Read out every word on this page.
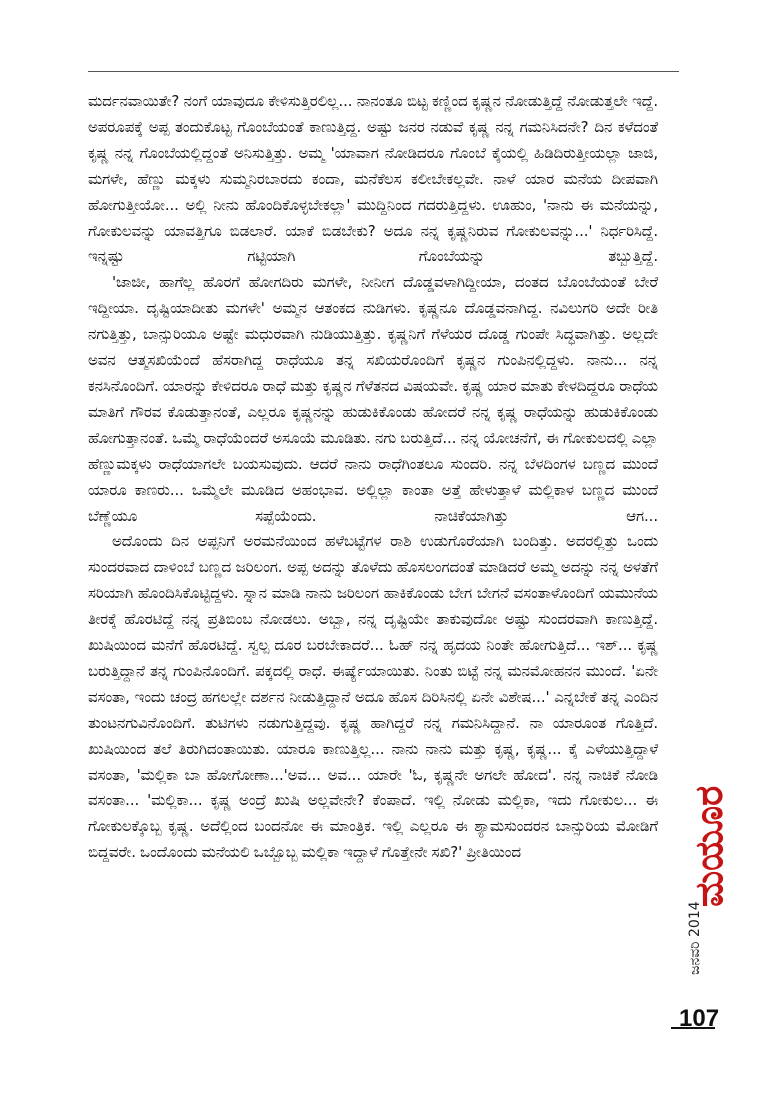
ಮರ್ದನವಾಯಿತೇ? ನಂಗೆ ಯಾವುದೂ ಕೇಳಿಸುತ್ತಿರಲಿಲ್ಲ... ನಾನಂತೂ ಬಿಟ್ಟ ಕಣ್ಣಿಂದ ಕೃಷ್ಣನ ನೋಡುತ್ತಿದ್ದೆ ನೋಡುತ್ತಲೇ ಇದ್ದೆ. ಅಪರೂಪಕ್ಕೆ ಅಪ್ಪ ತಂದುಕೊಟ್ಟ ಗೊಂಬೆಯಂತೆ ಕಾಣುತ್ತಿದ್ದ. ಅಷ್ಟು ಜನರ ನಡುವೆ ಕೃಷ್ಣ ನನ್ನ ಗಮನಿಸಿದನೇ? ದಿನ ಕಳೆದಂತೆ ಕೃಷ್ಣ ನನ್ನ ಗೊಂಬೆಯಲ್ಲಿದ್ದಂತೆ ಅನಿಸುತ್ತಿತ್ತು. ಅಮ್ಮ 'ಯಾವಾಗ ನೋಡಿದರೂ ಗೊಂಬೆ ಕೈಯಲ್ಲಿ ಹಿಡಿದಿರುತ್ತೀಯಲ್ಲಾ ಜಾಜಿ, ಮಗಳೇ, ಹೆಣ್ಣು ಮಕ್ಕಳು ಸುಮ್ಮನಿರಬಾರದು ಕಂದಾ, ಮನೆಕೆಲಸ ಕಲೀಬೇಕಲ್ಲವೇ. ನಾಳೆ ಯಾರ ಮನೆಯ ದೀಪವಾಗಿ ಹೋಗುತ್ತೀಯೋ... ಅಲ್ಲಿ ನೀನು ಹೊಂದಿಕೊಳ್ಳಬೇಕಲ್ಲಾ' ಮುದ್ದಿನಿಂದ ಗದರುತ್ತಿದ್ದಳು. ಊಹುಂ, 'ನಾನು ಈ ಮನೆಯನ್ನು, ಗೋಕುಲವನ್ನು ಯಾವತ್ತಿಗೂ ಬಿಡಲಾರೆ. ಯಾಕೆ ಬಿಡಬೇಕು? ಅದೂ ನನ್ನ ಕೃಷ್ಣನಿರುವ ಗೋಕುಲವನ್ನು...' ನಿರ್ಧರಿಸಿದ್ದೆ. ಇನ್ನಷ್ಟು ಗಟ್ಟಿಯಾಗಿ ಗೊಂಬೆಯನ್ನು ತಬ್ಬುತ್ತಿದ್ದೆ.

'ಜಾಜೀ, ಹಾಗೆಲ್ಲ ಹೊರಗೆ ಹೋಗದಿರು ಮಗಳೇ, ನೀನೀಗ ದೊಡ್ಡವಳಾಗಿದ್ದೀಯಾ, ದಂತದ ಬೊಂಬೆಯಂತೆ ಬೇರೆ ಇದ್ದೀಯಾ. ದೃಷ್ಟಿಯಾದೀತು ಮಗಳೇ' ಅಮ್ಮನ ಆತಂಕದ ನುಡಿಗಳು. ಕೃಷ್ಣನೂ ದೊಡ್ಡವನಾಗಿದ್ದ. ನವಿಲುಗರಿ ಅದೇ ರೀತಿ ನಗುತ್ತಿತ್ತು, ಬಾನ್ಸುರಿಯೂ ಅಷ್ಟೇ ಮಧುರವಾಗಿ ನುಡಿಯುತ್ತಿತ್ತು. ಕೃಷ್ಣನಿಗೆ ಗೆಳೆಯರ ದೊಡ್ಡ ಗುಂಪೇ ಸಿದ್ಧವಾಗಿತ್ತು. ಅಲ್ಲದೇ ಅವನ ಆತ್ಮಸಖಿಯೆಂದೆ ಹೆಸರಾಗಿದ್ದ ರಾಧೆಯೂ ತನ್ನ ಸಖಿಯರೊಂದಿಗೆ ಕೃಷ್ಣನ ಗುಂಪಿನಲ್ಲಿದ್ದಳು. ನಾನು... ನನ್ನ ಕನಸಿನೊಂದಿಗೆ. ಯಾರನ್ನು ಕೇಳಿದರೂ ರಾಧೆ ಮತ್ತು ಕೃಷ್ಣನ ಗೆಳೆತನದ ವಿಷಯವೇ. ಕೃಷ್ಣ ಯಾರ ಮಾತು ಕೇಳದಿದ್ದರೂ ರಾಧೆಯ ಮಾತಿಗೆ ಗೌರವ ಕೊಡುತ್ತಾನಂತೆ, ಎಲ್ಲರೂ ಕೃಷ್ಣನನ್ನು ಹುಡುಕಿಕೊಂಡು ಹೋದರೆ ನನ್ನ ಕೃಷ್ಣ ರಾಧೆಯನ್ನು ಹುಡುಕಿಕೊಂಡು ಹೋಗುತ್ತಾನಂತೆ. ಒಮ್ಮೆ ರಾಧೆಯೆಂದರೆ ಅಸೂಯೆ ಮೂಡಿತು. ನಗು ಬರುತ್ತಿದೆ... ನನ್ನ ಯೋಚನೆಗೆ, ಈ ಗೋಕುಲದಲ್ಲಿ ಎಲ್ಲಾ ಹೆಣ್ಣುಮಕ್ಕಳು ರಾಧೆಯಾಗಲೇ ಬಯಸುವುದು. ಆದರೆ ನಾನು ರಾಧೆಗಿಂತಲೂ ಸುಂದರಿ. ನನ್ನ ಬೆಳದಿಂಗಳ ಬಣ್ಣದ ಮುಂದೆ ಯಾರೂ ಕಾಣರು... ಒಮ್ಮೆಲೇ ಮೂಡಿದ ಅಹಂಭಾವ. ಅಲ್ಲಿಲ್ಲಾ ಕಾಂತಾ ಅತ್ತೆ ಹೇಳುತ್ತಾಳೆ ಮಲ್ಲಿಕಾಳ ಬಣ್ಣದ ಮುಂದೆ ಬೆಣ್ಣೆಯೂ ಸಪ್ಪೆಯೆಂದು. ನಾಚಿಕೆಯಾಗಿತ್ತು ಆಗ...

ಅದೊಂದು ದಿನ ಅಪ್ಪನಿಗೆ ಅರಮನೆಯಿಂದ ಹಳೆಬಟ್ಟೆಗಳ ರಾಶಿ ಉಡುಗೊರೆಯಾಗಿ ಬಂದಿತ್ತು. ಅದರಲ್ಲಿತ್ತು ಒಂದು ಸುಂದರವಾದ ದಾಳಿಂಬೆ ಬಣ್ಣದ ಜರಿಲಂಗ. ಅಪ್ಪ ಅದನ್ನು ತೊಳೆದು ಹೊಸಲಂಗದಂತೆ ಮಾಡಿದರೆ ಅಮ್ಮ ಅದನ್ನು ನನ್ನ ಅಳತೆಗೆ ಸರಿಯಾಗಿ ಹೊಂದಿಸಿಕೊಟ್ಟಿದ್ದಳು. ಸ್ನಾನ ಮಾಡಿ ನಾನು ಜರಿಲಂಗ ಹಾಕಿಕೊಂಡು ಬೇಗ ಬೇಗನೆ ವಸಂತಾಳೊಂದಿಗೆ ಯಮುನೆಯ ತೀರಕ್ಕೆ ಹೊರಟಿದ್ದೆ ನನ್ನ ಪ್ರತಿಬಿಂಬ ನೋಡಲು. ಅಬ್ಬಾ, ನನ್ನ ದೃಷ್ಟಿಯೇ ತಾಕುವುದೋ ಅಷ್ಟು ಸುಂದರವಾಗಿ ಕಾಣುತ್ತಿದ್ದೆ. ಖುಷಿಯಿಂದ ಮನೆಗೆ ಹೊರಟಿದ್ದೆ. ಸ್ವಲ್ಪ ದೂರ ಬರಬೇಕಾದರೆ... ಓಹ್ ನನ್ನ ಹೃದಯ ನಿಂತೇ ಹೋಗುತ್ತಿದೆ... ಇಶ್... ಕೃಷ್ಣ ಬರುತ್ತಿದ್ದಾನೆ ತನ್ನ ಗುಂಪಿನೊಂದಿಗೆ. ಪಕ್ಕದಲ್ಲಿ ರಾಧೆ. ಈರ್ಷ್ಯೆಯಾಯಿತು. ನಿಂತು ಬಿಟ್ಟೆ ನನ್ನ ಮನಮೋಹನನ ಮುಂದೆ. 'ಏನೇ ವಸಂತಾ, ಇಂದು ಚಂದ್ರ ಹಗಲಲ್ಲೇ ದರ್ಶನ ನೀಡುತ್ತಿದ್ದಾನೆ ಅದೂ ಹೊಸ ದಿರಿಸಿನಲ್ಲಿ ಏನೇ ವಿಶೇಷ...' ಎನ್ನಬೇಕೆ ತನ್ನ ಎಂದಿನ ತುಂಟನಗುವಿನೊಂದಿಗೆ. ತುಟಿಗಳು ನಡುಗುತ್ತಿದ್ದವು. ಕೃಷ್ಣ ಹಾಗಿದ್ದರೆ ನನ್ನ ಗಮನಿಸಿದ್ದಾನೆ. ನಾ ಯಾರೂಂತ ಗೊತ್ತಿದೆ. ಖುಷಿಯಿಂದ ತಲೆ ತಿರುಗಿದಂತಾಯಿತು. ಯಾರೂ ಕಾಣುತ್ತಿಲ್ಲ... ನಾನು ನಾನು ಮತ್ತು ಕೃಷ್ಣ, ಕೃಷ್ಣ... ಕೈ ಎಳೆಯುತ್ತಿದ್ದಾಳೆ ವಸಂತಾ, 'ಮಲ್ಲಿಕಾ ಬಾ ಹೋಗೋಣಾ...'ಅವ... ಅವ... ಯಾರೇ 'ಓ, ಕೃಷ್ಣನೇ ಅಗಲೇ ಹೋದ'. ನನ್ನ ನಾಚಿಕೆ ನೋಡಿ ವಸಂತಾ... 'ಮಲ್ಲಿಕಾ... ಕೃಷ್ಣ ಅಂದ್ರೆ ಖುಷಿ ಅಲ್ಲವೇನೇ? ಕೆಂಪಾದೆ. ಇಲ್ಲಿ ನೋಡು ಮಲ್ಲಿಕಾ, ಇದು ಗೋಕುಲ... ಈ ಗೋಕುಲಕ್ಕೊಬ್ಬ ಕೃಷ್ಣ. ಅದೆಲ್ಲಿಂದ ಬಂದನೋ ಈ ಮಾಂತ್ರಿಕ. ಇಲ್ಲಿ ಎಲ್ಲರೂ ಈ ಶ್ಯಾಮಸುಂದರನ ಬಾನ್ಸುರಿಯ ಮೋಡಿಗೆ ಬಿದ್ದವರೇ. ಒಂದೊಂದು ಮನೆಯಲಿ ಒಬ್ಬೊಬ್ಬ ಮಲ್ಲಿಕಾ ಇದ್ದಾಳೆ ಗೊತ್ತೇನೇ ಸಖಿ?' ಪ್ರೀತಿಯಿಂದ

ಜನವರಿ 2014
ಮಯೂರ
107
